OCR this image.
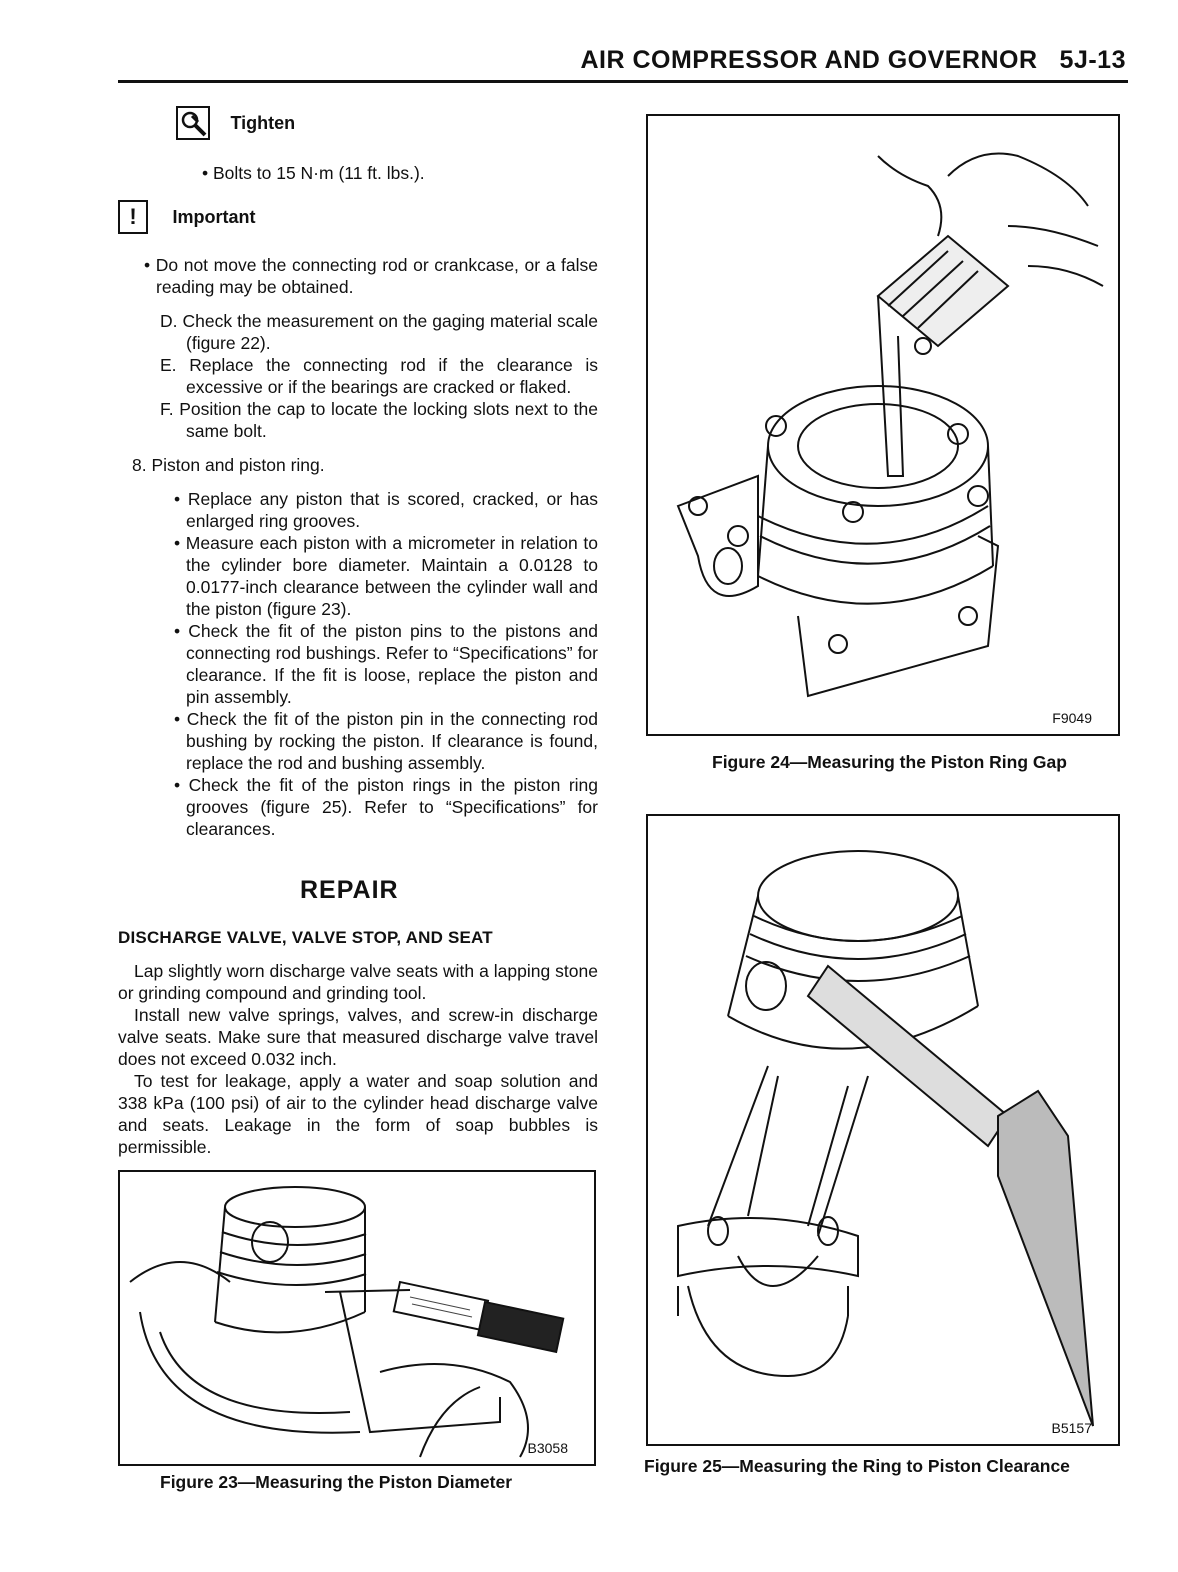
AIR COMPRESSOR AND GOVERNOR 5J-13
Tighten
• Bolts to 15 N·m (11 ft. lbs.).
!	Important
• Do not move the connecting rod or crankcase, or a false reading may be obtained.
D. Check the measurement on the gaging material scale (figure 22).
E. Replace the connecting rod if the clearance is excessive or if the bearings are cracked or flaked.
F. Position the cap to locate the locking slots next to the same bolt.
8. Piston and piston ring.
• Replace any piston that is scored, cracked, or has enlarged ring grooves.
• Measure each piston with a micrometer in relation to the cylinder bore diameter. Maintain a 0.0128 to 0.0177-inch clearance between the cylinder wall and the piston (figure 23).
• Check the fit of the piston pins to the pistons and connecting rod bushings. Refer to “Specifications” for clearance. If the fit is loose, replace the piston and pin assembly.
• Check the fit of the piston pin in the connecting rod bushing by rocking the piston. If clearance is found, replace the rod and bushing assembly.
• Check the fit of the piston rings in the piston ring grooves (figure 25). Refer to “Specifications” for clearances.
REPAIR
DISCHARGE VALVE, VALVE STOP, AND SEAT
Lap slightly worn discharge valve seats with a lapping stone or grinding compound and grinding tool.
Install new valve springs, valves, and screw-in discharge valve seats. Make sure that measured discharge valve travel does not exceed 0.032 inch.
To test for leakage, apply a water and soap solution and 338 kPa (100 psi) of air to the cylinder head discharge valve and seats. Leakage in the form of soap bubbles is permissible.
B3058
Figure 23—Measuring the Piston Diameter
F9049
Figure 24—Measuring the Piston Ring Gap
B5157
Figure 25—Measuring the Ring to Piston Clearance
